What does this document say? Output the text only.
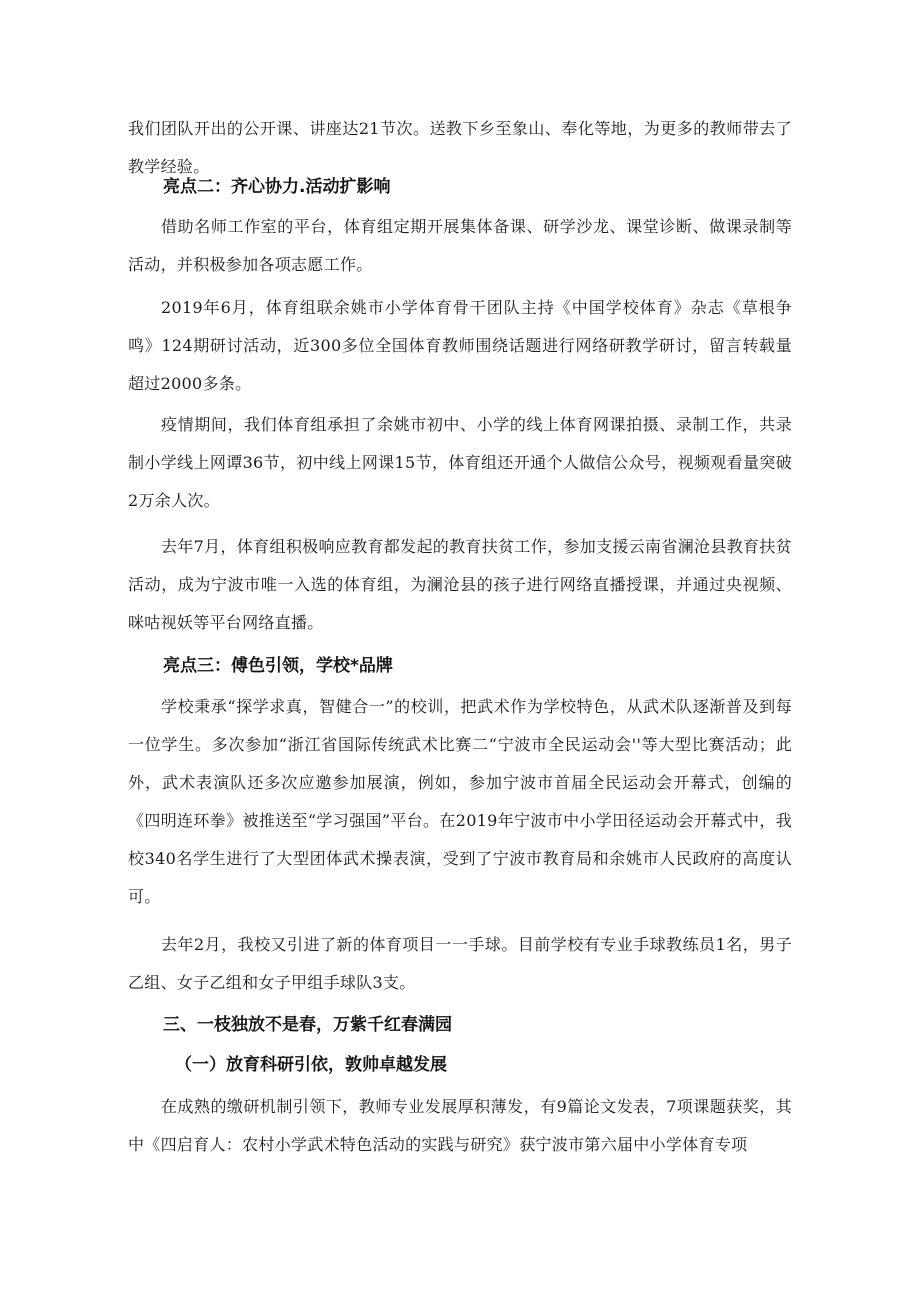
我们团队开出的公开课、讲座达21节次。送教下乡至象山、奉化等地，为更多的教师带去了教学经验。

亮点二：齐心协力.活动扩影响

借助名师工作室的平台，体育组定期开展集体备课、研学沙龙、课堂诊断、做课录制等活动，并积极参加各项志愿工作。

2019年6月，体育组联余姚市小学体育骨干团队主持《中国学校体育》杂志《草根争鸣》124期研讨活动，近300多位全国体育教师围绕话题进行网络研教学研讨，留言转载量超过2000多条。

疫情期间，我们体育组承担了余姚市初中、小学的线上体育网课拍摄、录制工作，共录制小学线上网谭36节，初中线上网课15节，体育组还开通个人做信公众号，视频观看量突破2万余人次。

去年7月，体育组积极响应教育都发起的教育扶贫工作，参加支援云南省澜沧县教育扶贫活动，成为宁波市唯一入选的体育组，为澜沧县的孩子进行网络直播授课，并通过央视频、咪咕视妖等平台网络直播。

亮点三：傅色引领，学校*品牌

学校秉承“探学求真，智健合一”的校训，把武术作为学校特色，从武术队逐渐普及到每一位学生。多次参加“浙江省国际传统武术比赛二“宁波市全民运动会''等大型比赛活动；此外，武术表演队还多次应邀参加展演，例如，参加宁波市首届全民运动会开幕式，创编的《四明连环拳》被推送至“学习强国”平台。在2019年宁波市中小学田径运动会开幕式中，我校340名学生进行了大型团体武术操表演，受到了宁波市教育局和余姚市人民政府的高度认可。

去年2月，我校又引进了新的体育项目一一手球。目前学校有专业手球教练员1名，男子乙组、女子乙组和女子甲组手球队3支。

三、一枝独放不是春，万紫千红春满园
（一）放育科研引依，敦帅卓越发展

在成熟的缴研机制引领下，教师专业发展厚积薄发，有9篇论文发表，7项课题获奖，其中《四启育人：农村小学武术特色活动的实践与研究》获宁波市第六届中小学体育专项
